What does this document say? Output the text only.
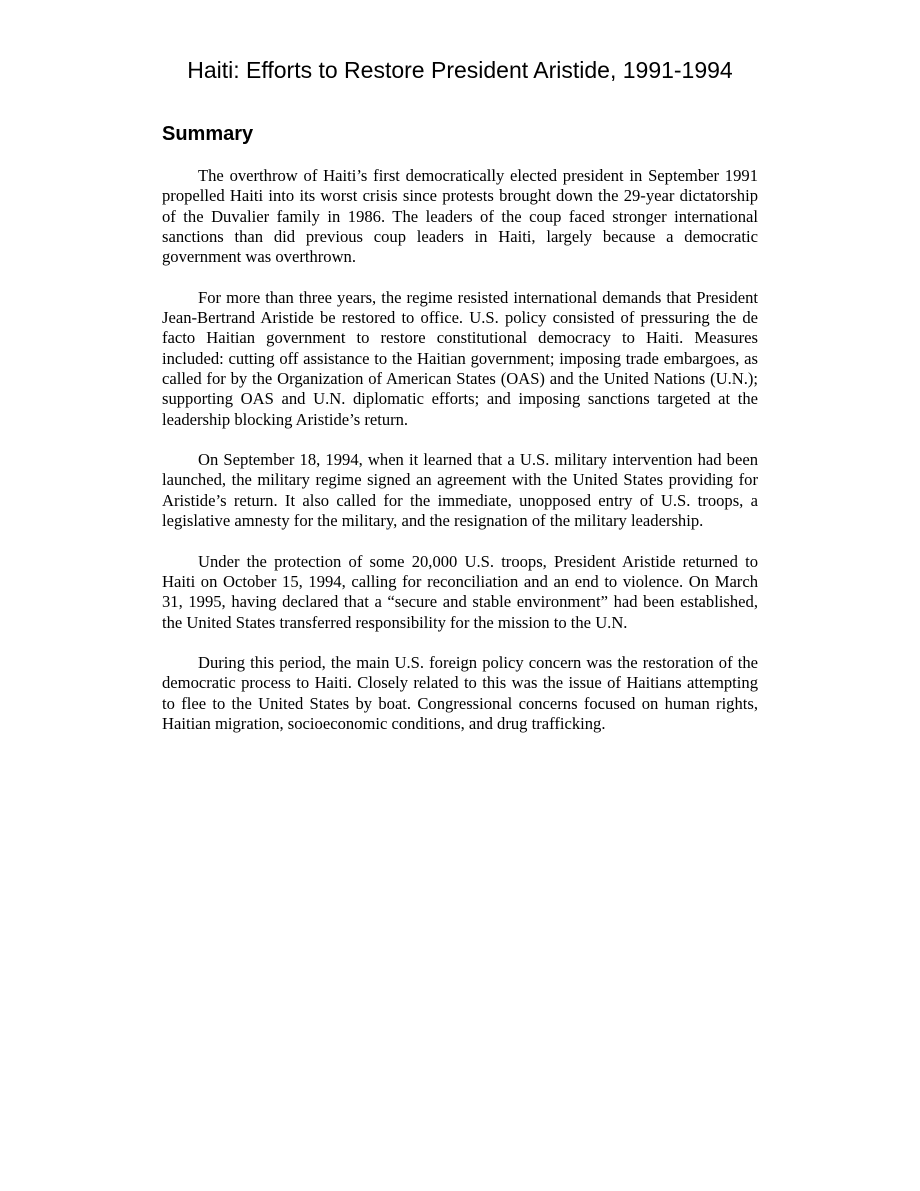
Haiti: Efforts to Restore President Aristide, 1991-1994
Summary

The overthrow of Haiti’s first democratically elected president in September 1991 propelled Haiti into its worst crisis since protests brought down the 29-year dictatorship of the Duvalier family in 1986. The leaders of the coup faced stronger international sanctions than did previous coup leaders in Haiti, largely because a democratic government was overthrown.

For more than three years, the regime resisted international demands that President Jean-Bertrand Aristide be restored to office. U.S. policy consisted of pressuring the de facto Haitian government to restore constitutional democracy to Haiti. Measures included: cutting off assistance to the Haitian government; imposing trade embargoes, as called for by the Organization of American States (OAS) and the United Nations (U.N.); supporting OAS and U.N. diplomatic efforts; and imposing sanctions targeted at the leadership blocking Aristide’s return.

On September 18, 1994, when it learned that a U.S. military intervention had been launched, the military regime signed an agreement with the United States providing for Aristide’s return. It also called for the immediate, unopposed entry of U.S. troops, a legislative amnesty for the military, and the resignation of the military leadership.

Under the protection of some 20,000 U.S. troops, President Aristide returned to Haiti on October 15, 1994, calling for reconciliation and an end to violence. On March 31, 1995, having declared that a “secure and stable environment” had been established, the United States transferred responsibility for the mission to the U.N.

During this period, the main U.S. foreign policy concern was the restoration of the democratic process to Haiti. Closely related to this was the issue of Haitians attempting to flee to the United States by boat. Congressional concerns focused on human rights, Haitian migration, socioeconomic conditions, and drug trafficking.
